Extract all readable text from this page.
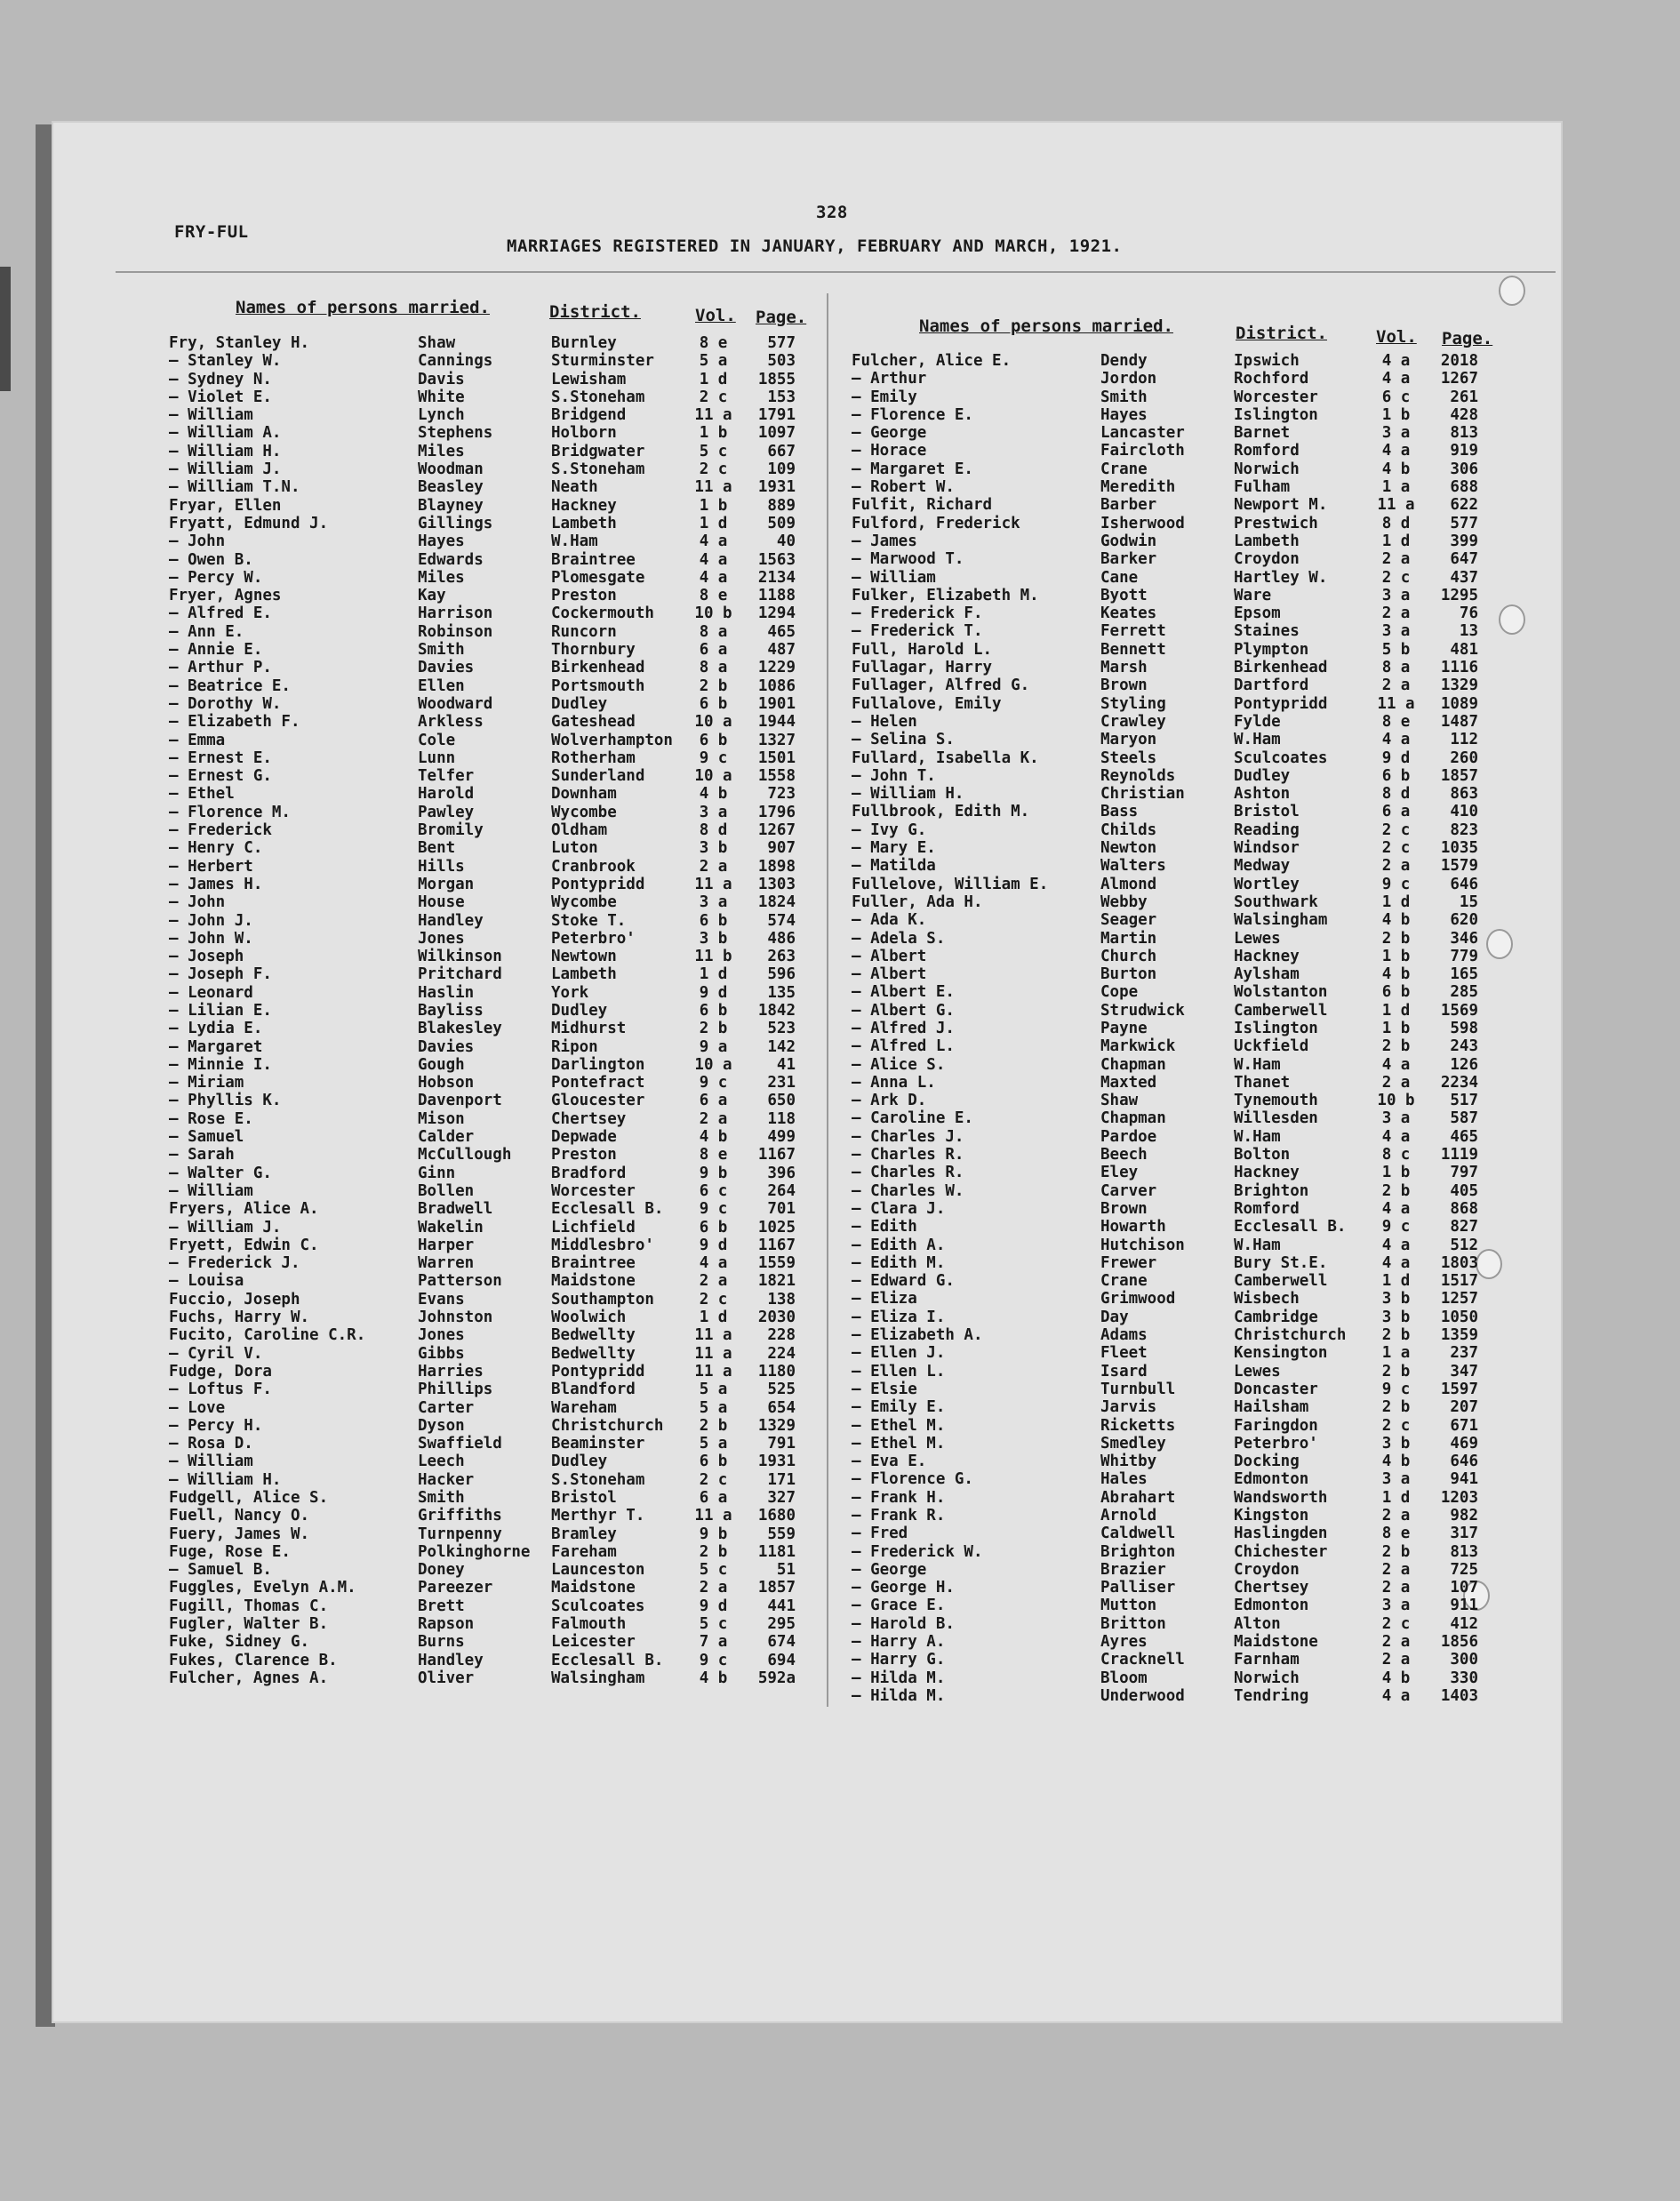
328
FRY-FUL
MARRIAGES REGISTERED IN JANUARY, FEBRUARY AND MARCH, 1921.
Names of persons married.	District.	Vol. Page.	Names of persons married.	District.	Vol. Page.
Fry, Stanley H.	Shaw	Burnley	8 e	577
— Stanley W.	Cannings	Sturminster	5 a	503
— Sydney N.	Davis	Lewisham	1 d	1855
— Violet E.	White	S.Stoneham	2 c	153
— William	Lynch	Bridgend	11 a	1791
— William A.	Stephens	Holborn	1 b	1097
— William H.	Miles	Bridgwater	5 c	667
— William J.	Woodman	S.Stoneham	2 c	109
— William T.N.	Beasley	Neath	11 a	1931
Fryar, Ellen	Blayney	Hackney	1 b	889
Fryatt, Edmund J.	Gillings	Lambeth	1 d	509
— John	Hayes	W.Ham	4 a	40
— Owen B.	Edwards	Braintree	4 a	1563
— Percy W.	Miles	Plomesgate	4 a	2134
Fryer, Agnes	Kay	Preston	8 e	1188
— Alfred E.	Harrison	Cockermouth	10 b	1294
— Ann E.	Robinson	Runcorn	8 a	465
— Annie E.	Smith	Thornbury	6 a	487
— Arthur P.	Davies	Birkenhead	8 a	1229
— Beatrice E.	Ellen	Portsmouth	2 b	1086
— Dorothy W.	Woodward	Dudley	6 b	1901
— Elizabeth F.	Arkless	Gateshead	10 a	1944
— Emma	Cole	Wolverhampton	6 b	1327
— Ernest E.	Lunn	Rotherham	9 c	1501
— Ernest G.	Telfer	Sunderland	10 a	1558
— Ethel	Harold	Downham	4 b	723
— Florence M.	Pawley	Wycombe	3 a	1796
— Frederick	Bromily	Oldham	8 d	1267
— Henry C.	Bent	Luton	3 b	907
— Herbert	Hills	Cranbrook	2 a	1898
— James H.	Morgan	Pontypridd	11 a	1303
— John	House	Wycombe	3 a	1824
— John J.	Handley	Stoke T.	6 b	574
— John W.	Jones	Peterbro'	3 b	486
— Joseph	Wilkinson	Newtown	11 b	263
— Joseph F.	Pritchard	Lambeth	1 d	596
— Leonard	Haslin	York	9 d	135
— Lilian E.	Bayliss	Dudley	6 b	1842
— Lydia E.	Blakesley	Midhurst	2 b	523
— Margaret	Davies	Ripon	9 a	142
— Minnie I.	Gough	Darlington	10 a	41
— Miriam	Hobson	Pontefract	9 c	231
— Phyllis K.	Davenport	Gloucester	6 a	650
— Rose E.	Mison	Chertsey	2 a	118
— Samuel	Calder	Depwade	4 b	499
— Sarah	McCullough	Preston	8 e	1167
— Walter G.	Ginn	Bradford	9 b	396
— William	Bollen	Worcester	6 c	264
Fryers, Alice A.	Bradwell	Ecclesall B.	9 c	701
— William J.	Wakelin	Lichfield	6 b	1025
Fryett, Edwin C.	Harper	Middlesbro'	9 d	1167
— Frederick J.	Warren	Braintree	4 a	1559
— Louisa	Patterson	Maidstone	2 a	1821
Fuccio, Joseph	Evans	Southampton	2 c	138
Fuchs, Harry W.	Johnston	Woolwich	1 d	2030
Fucito, Caroline C.R.	Jones	Bedwellty	11 a	228
— Cyril V.	Gibbs	Bedwellty	11 a	224
Fudge, Dora	Harries	Pontypridd	11 a	1180
— Loftus F.	Phillips	Blandford	5 a	525
— Love	Carter	Wareham	5 a	654
— Percy H.	Dyson	Christchurch	2 b	1329
— Rosa D.	Swaffield	Beaminster	5 a	791
— William	Leech	Dudley	6 b	1931
— William H.	Hacker	S.Stoneham	2 c	171
Fudgell, Alice S.	Smith	Bristol	6 a	327
Fuell, Nancy O.	Griffiths	Merthyr T.	11 a	1680
Fuery, James W.	Turnpenny	Bramley	9 b	559
Fuge, Rose E.	Polkinghorne	Fareham	2 b	1181
— Samuel B.	Doney	Launceston	5 c	51
Fuggles, Evelyn A.M.	Pareezer	Maidstone	2 a	1857
Fugill, Thomas C.	Brett	Sculcoates	9 d	441
Fugler, Walter B.	Rapson	Falmouth	5 c	295
Fuke, Sidney G.	Burns	Leicester	7 a	674
Fukes, Clarence B.	Handley	Ecclesall B.	9 c	694
Fulcher, Agnes A.	Oliver	Walsingham	4 b	592a
Fulcher, Alice E.	Dendy	Ipswich	4 a	2018
— Arthur	Jordon	Rochford	4 a	1267
— Emily	Smith	Worcester	6 c	261
— Florence E.	Hayes	Islington	1 b	428
— George	Lancaster	Barnet	3 a	813
— Horace	Faircloth	Romford	4 a	919
— Margaret E.	Crane	Norwich	4 b	306
— Robert W.	Meredith	Fulham	1 a	688
Fulfit, Richard	Barber	Newport M.	11 a	622
Fulford, Frederick	Isherwood	Prestwich	8 d	577
— James	Godwin	Lambeth	1 d	399
— Marwood T.	Barker	Croydon	2 a	647
— William	Cane	Hartley W.	2 c	437
Fulker, Elizabeth M.	Byott	Ware	3 a	1295
— Frederick F.	Keates	Epsom	2 a	76
— Frederick T.	Ferrett	Staines	3 a	13
Full, Harold L.	Bennett	Plympton	5 b	481
Fullagar, Harry	Marsh	Birkenhead	8 a	1116
Fullager, Alfred G.	Brown	Dartford	2 a	1329
Fullalove, Emily	Styling	Pontypridd	11 a	1089
— Helen	Crawley	Fylde	8 e	1487
— Selina S.	Maryon	W.Ham	4 a	112
Fullard, Isabella K.	Steels	Sculcoates	9 d	260
— John T.	Reynolds	Dudley	6 b	1857
— William H.	Christian	Ashton	8 d	863
Fullbrook, Edith M.	Bass	Bristol	6 a	410
— Ivy G.	Childs	Reading	2 c	823
— Mary E.	Newton	Windsor	2 c	1035
— Matilda	Walters	Medway	2 a	1579
Fullelove, William E.	Almond	Wortley	9 c	646
Fuller, Ada H.	Webby	Southwark	1 d	15
— Ada K.	Seager	Walsingham	4 b	620
— Adela S.	Martin	Lewes	2 b	346
— Albert	Church	Hackney	1 b	779
— Albert	Burton	Aylsham	4 b	165
— Albert E.	Cope	Wolstanton	6 b	285
— Albert G.	Strudwick	Camberwell	1 d	1569
— Alfred J.	Payne	Islington	1 b	598
— Alfred L.	Markwick	Uckfield	2 b	243
— Alice S.	Chapman	W.Ham	4 a	126
— Anna L.	Maxted	Thanet	2 a	2234
— Ark D.	Shaw	Tynemouth	10 b	517
— Caroline E.	Chapman	Willesden	3 a	587
— Charles J.	Pardoe	W.Ham	4 a	465
— Charles R.	Beech	Bolton	8 c	1119
— Charles R.	Eley	Hackney	1 b	797
— Charles W.	Carver	Brighton	2 b	405
— Clara J.	Brown	Romford	4 a	868
— Edith	Howarth	Ecclesall B.	9 c	827
— Edith A.	Hutchison	W.Ham	4 a	512
— Edith M.	Frewer	Bury St.E.	4 a	1803
— Edward G.	Crane	Camberwell	1 d	1517
— Eliza	Grimwood	Wisbech	3 b	1257
— Eliza I.	Day	Cambridge	3 b	1050
— Elizabeth A.	Adams	Christchurch	2 b	1359
— Ellen J.	Fleet	Kensington	1 a	237
— Ellen L.	Isard	Lewes	2 b	347
— Elsie	Turnbull	Doncaster	9 c	1597
— Emily E.	Jarvis	Hailsham	2 b	207
— Ethel M.	Ricketts	Faringdon	2 c	671
— Ethel M.	Smedley	Peterbro'	3 b	469
— Eva E.	Whitby	Docking	4 b	646
— Florence G.	Hales	Edmonton	3 a	941
— Frank H.	Abrahart	Wandsworth	1 d	1203
— Frank R.	Arnold	Kingston	2 a	982
— Fred	Caldwell	Haslingden	8 e	317
— Frederick W.	Brighton	Chichester	2 b	813
— George	Brazier	Croydon	2 a	725
— George H.	Palliser	Chertsey	2 a	107
— Grace E.	Mutton	Edmonton	3 a	911
— Harold B.	Britton	Alton	2 c	412
— Harry A.	Ayres	Maidstone	2 a	1856
— Harry G.	Cracknell	Farnham	2 a	300
— Hilda M.	Bloom	Norwich	4 b	330
— Hilda M.	Underwood	Tendring	4 a	1403
